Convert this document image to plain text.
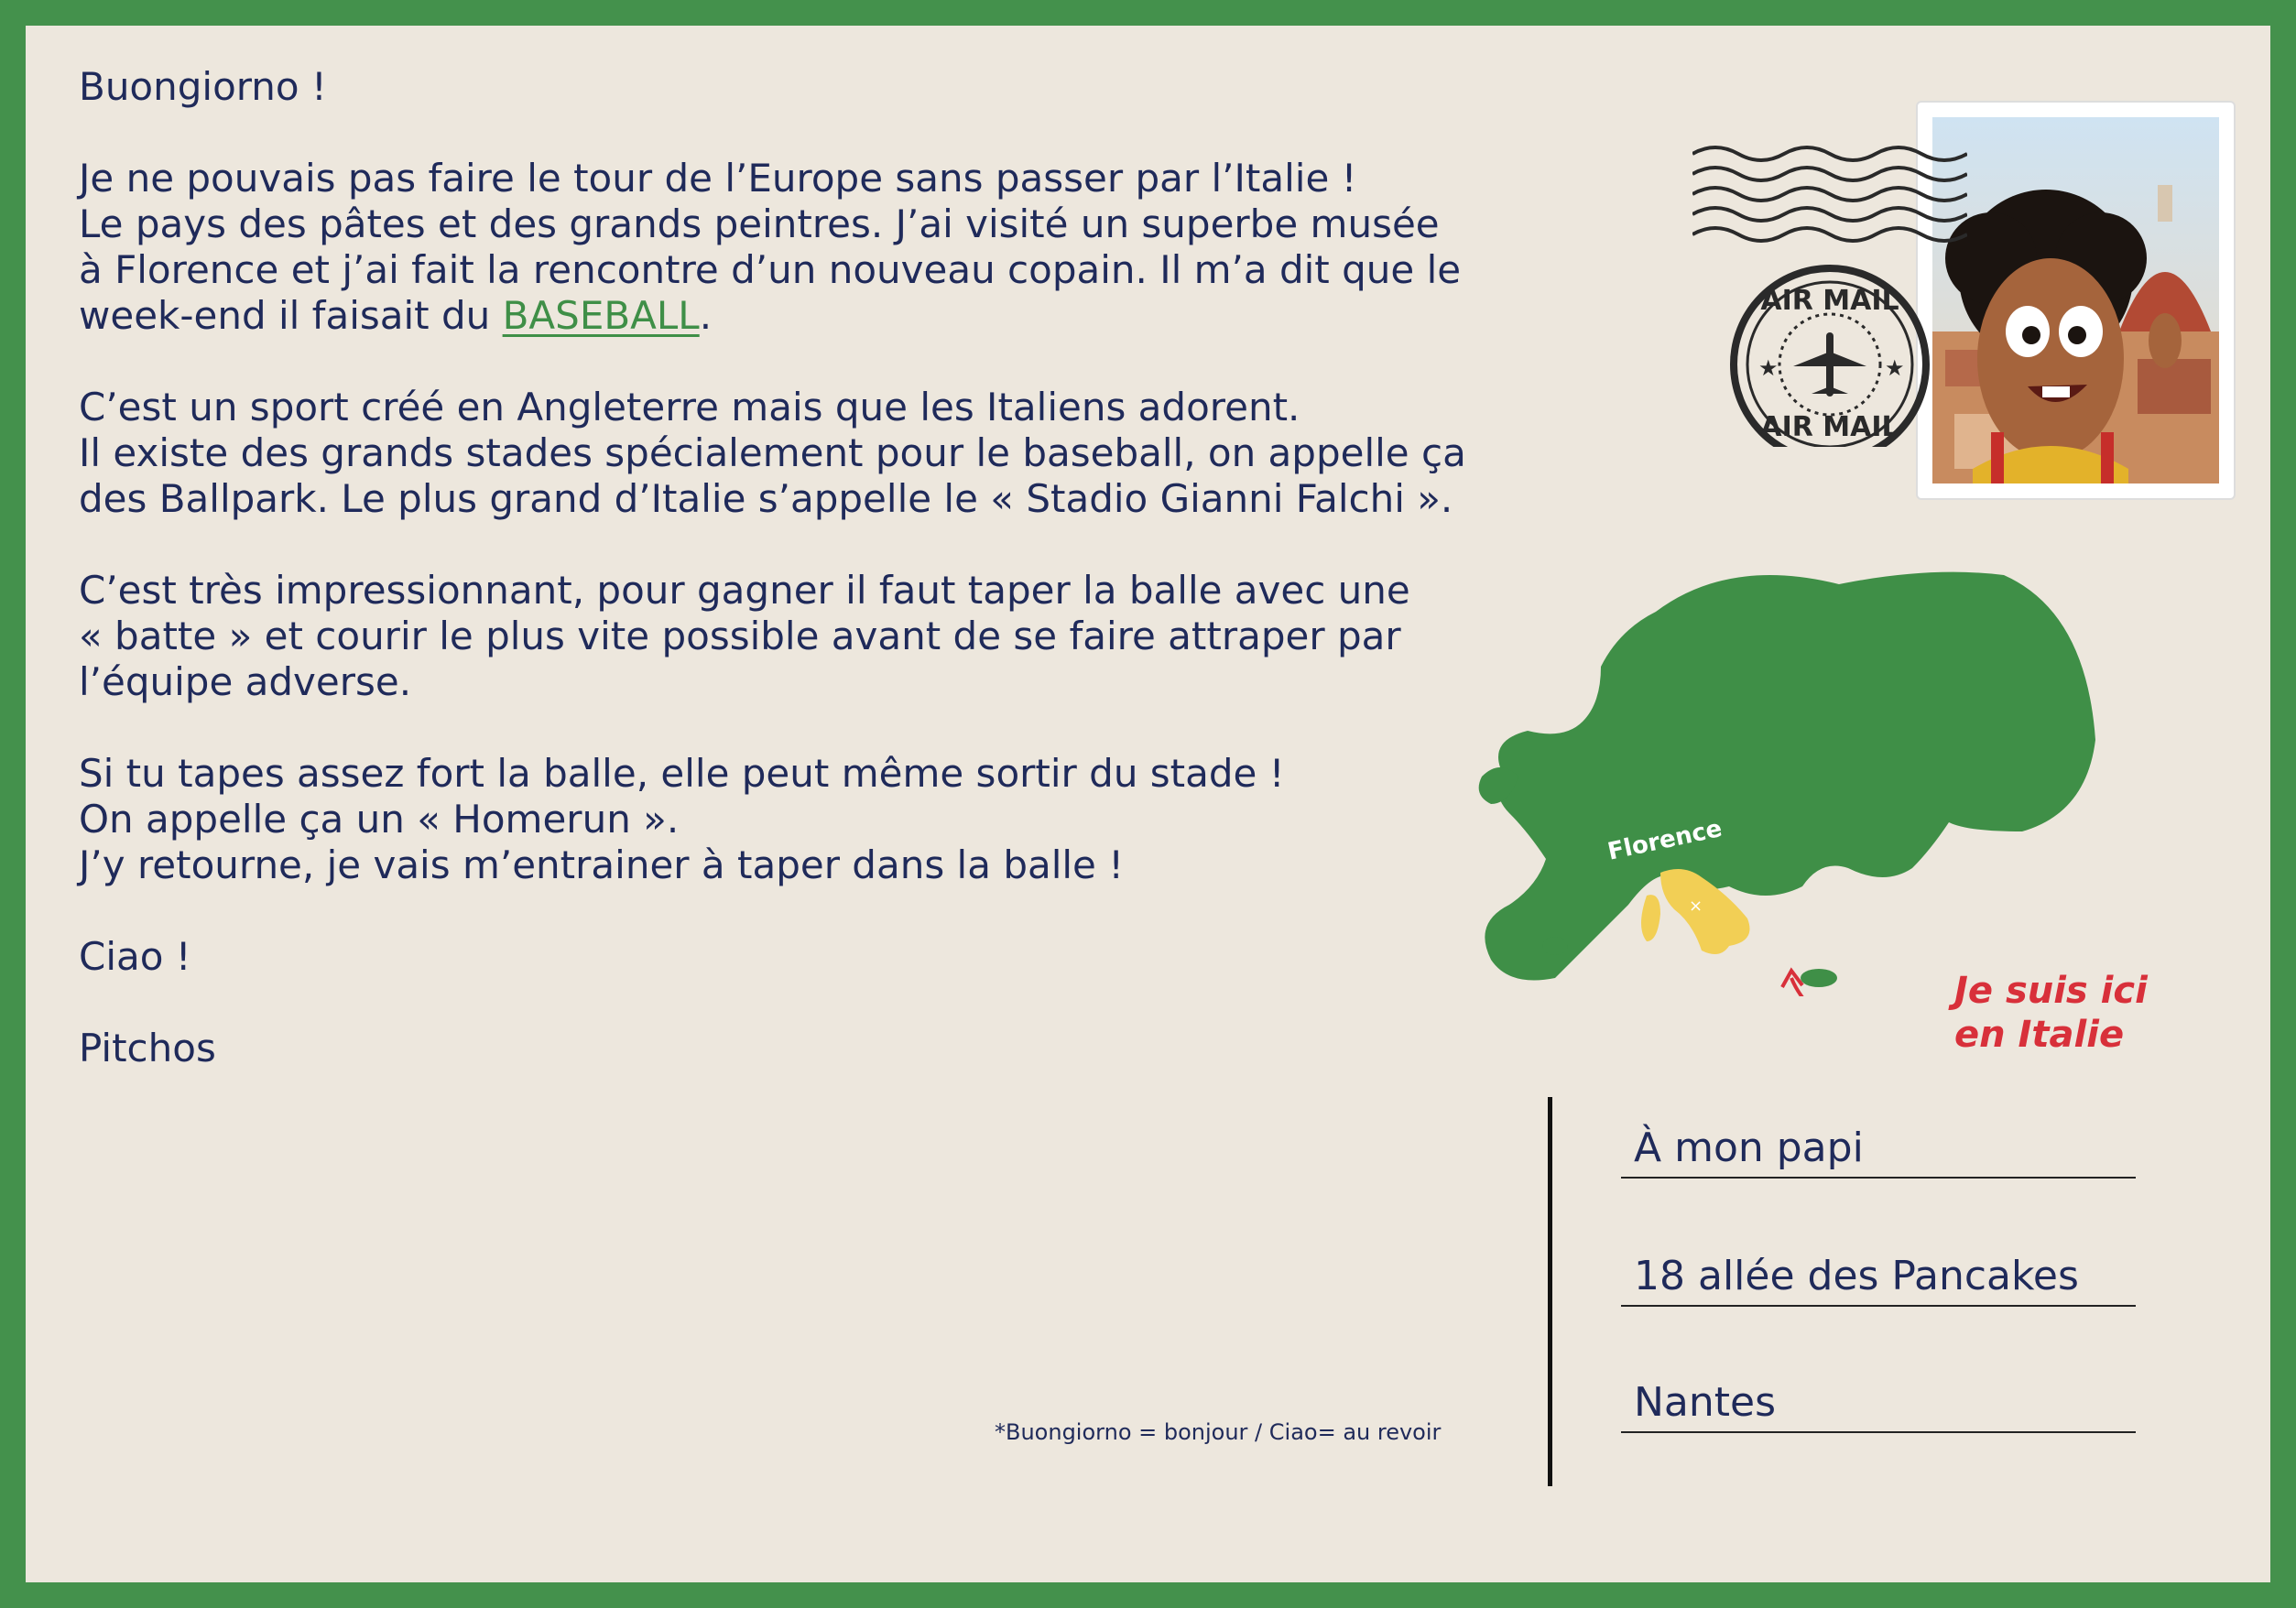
Buongiorno !

Je ne pouvais pas faire le tour de l’Europe sans passer par l’Italie !
Le pays des pâtes et des grands peintres. J’ai visité un superbe musée
à Florence et j’ai fait la rencontre d’un nouveau copain. Il m’a dit que le
week-end il faisait du BASEBALL.

C’est un sport créé en Angleterre mais que les Italiens adorent.
Il existe des grands stades spécialement pour le baseball, on appelle ça
des Ballpark. Le plus grand d’Italie s’appelle le « Stadio Gianni Falchi ».

C’est très impressionnant, pour gagner il faut taper la balle avec une
« batte » et courir le plus vite possible avant de se faire attraper par
l’équipe adverse.

Si tu tapes assez fort la balle, elle peut même sortir du stade !
On appelle ça un « Homerun ».
J’y retourne, je vais m’entrainer à taper dans la balle !

Ciao !

Pitchos

*Buongiorno = bonjour / Ciao= au revoir
À mon papi
18 allée des Pancakes
Nantes
AIR MAIL
AIR MAIL
★	★
×
Florence
Je suis ici
en Italie
